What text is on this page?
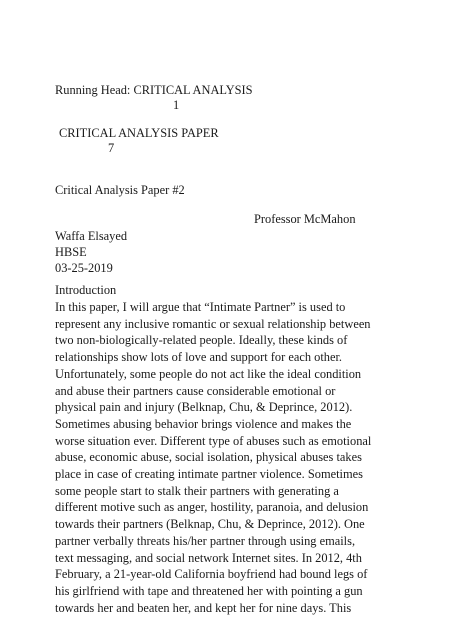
Running Head: CRITICAL ANALYSIS
1
CRITICAL ANALYSIS PAPER
7
Critical Analysis Paper #2
Professor McMahon
Waffa Elsayed
HBSE
03-25-2019
Introduction
In this paper, I will argue that “Intimate Partner” is used to
represent any inclusive romantic or sexual relationship between
two non-biologically-related people. Ideally, these kinds of
relationships show lots of love and support for each other.
Unfortunately, some people do not act like the ideal condition
and abuse their partners cause considerable emotional or
physical pain and injury (Belknap, Chu, & Deprince, 2012).
Sometimes abusing behavior brings violence and makes the
worse situation ever. Different type of abuses such as emotional
abuse, economic abuse, social isolation, physical abuses takes
place in case of creating intimate partner violence. Sometimes
some people start to stalk their partners with generating a
different motive such as anger, hostility, paranoia, and delusion
towards their partners (Belknap, Chu, & Deprince, 2012). One
partner verbally threats his/her partner through using emails,
text messaging, and social network Internet sites. In 2012, 4th
February, a 21-year-old California boyfriend had bound legs of
his girlfriend with tape and threatened her with pointing a gun
towards her and beaten her, and kept her for nine days. This
